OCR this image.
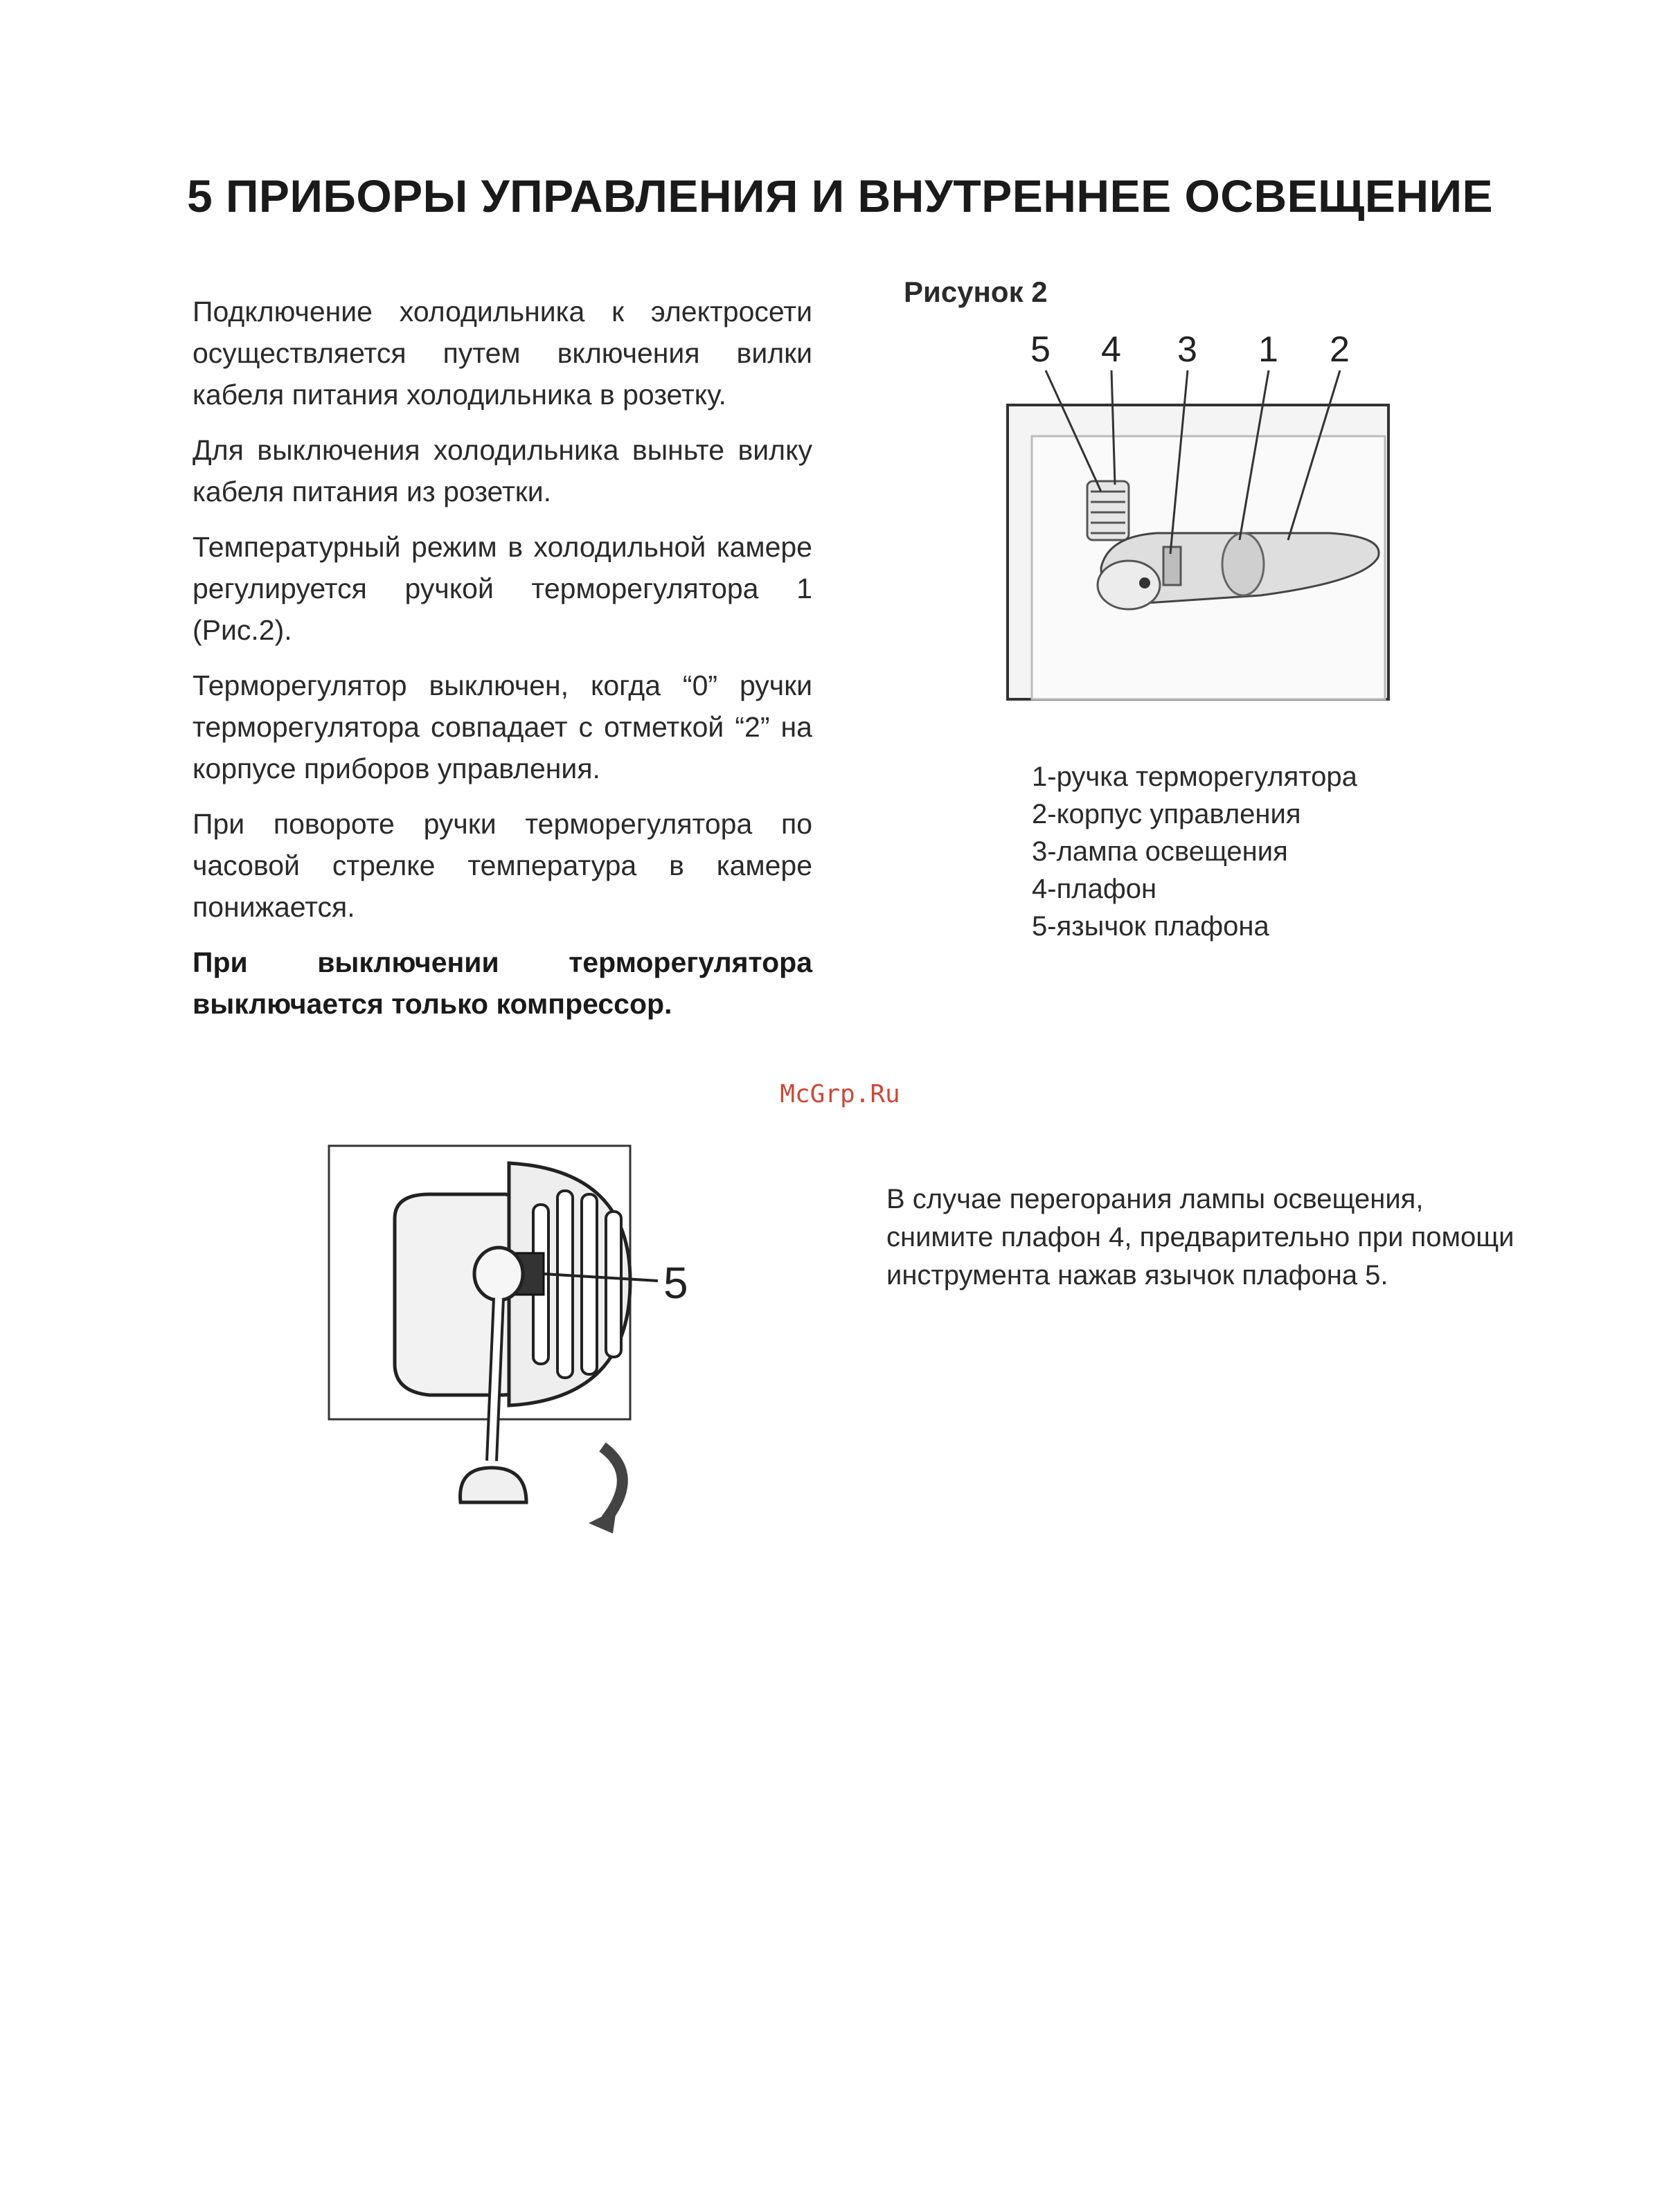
5 ПРИБОРЫ УПРАВЛЕНИЯ И ВНУТРЕННЕЕ ОСВЕЩЕНИЕ

Подключение холодильника к электросети осуществляется путем включения вилки кабеля питания холодильника в розетку.

Для выключения холодильника выньте вилку кабеля питания из розетки.

Температурный режим в холодильной камере регулируется ручкой терморегулятора 1 (Рис.2).

Терморегулятор выключен, когда “0” ручки терморегулятора совпадает с отметкой “2” на корпусе приборов управления.

При повороте ручки терморегулятора по часовой стрелке температура в камере понижается.

При выключении терморегулятора выключается только компрессор.

Рисунок 2
5 4 3 1 2
1-ручка терморегулятора
2-корпус управления
3-лампа освещения
4-плафон
5-язычок плафона
McGrp.Ru
5
В случае перегорания лампы освещения,
снимите плафон 4, предварительно при помощи
инструмента нажав язычок плафона 5.
